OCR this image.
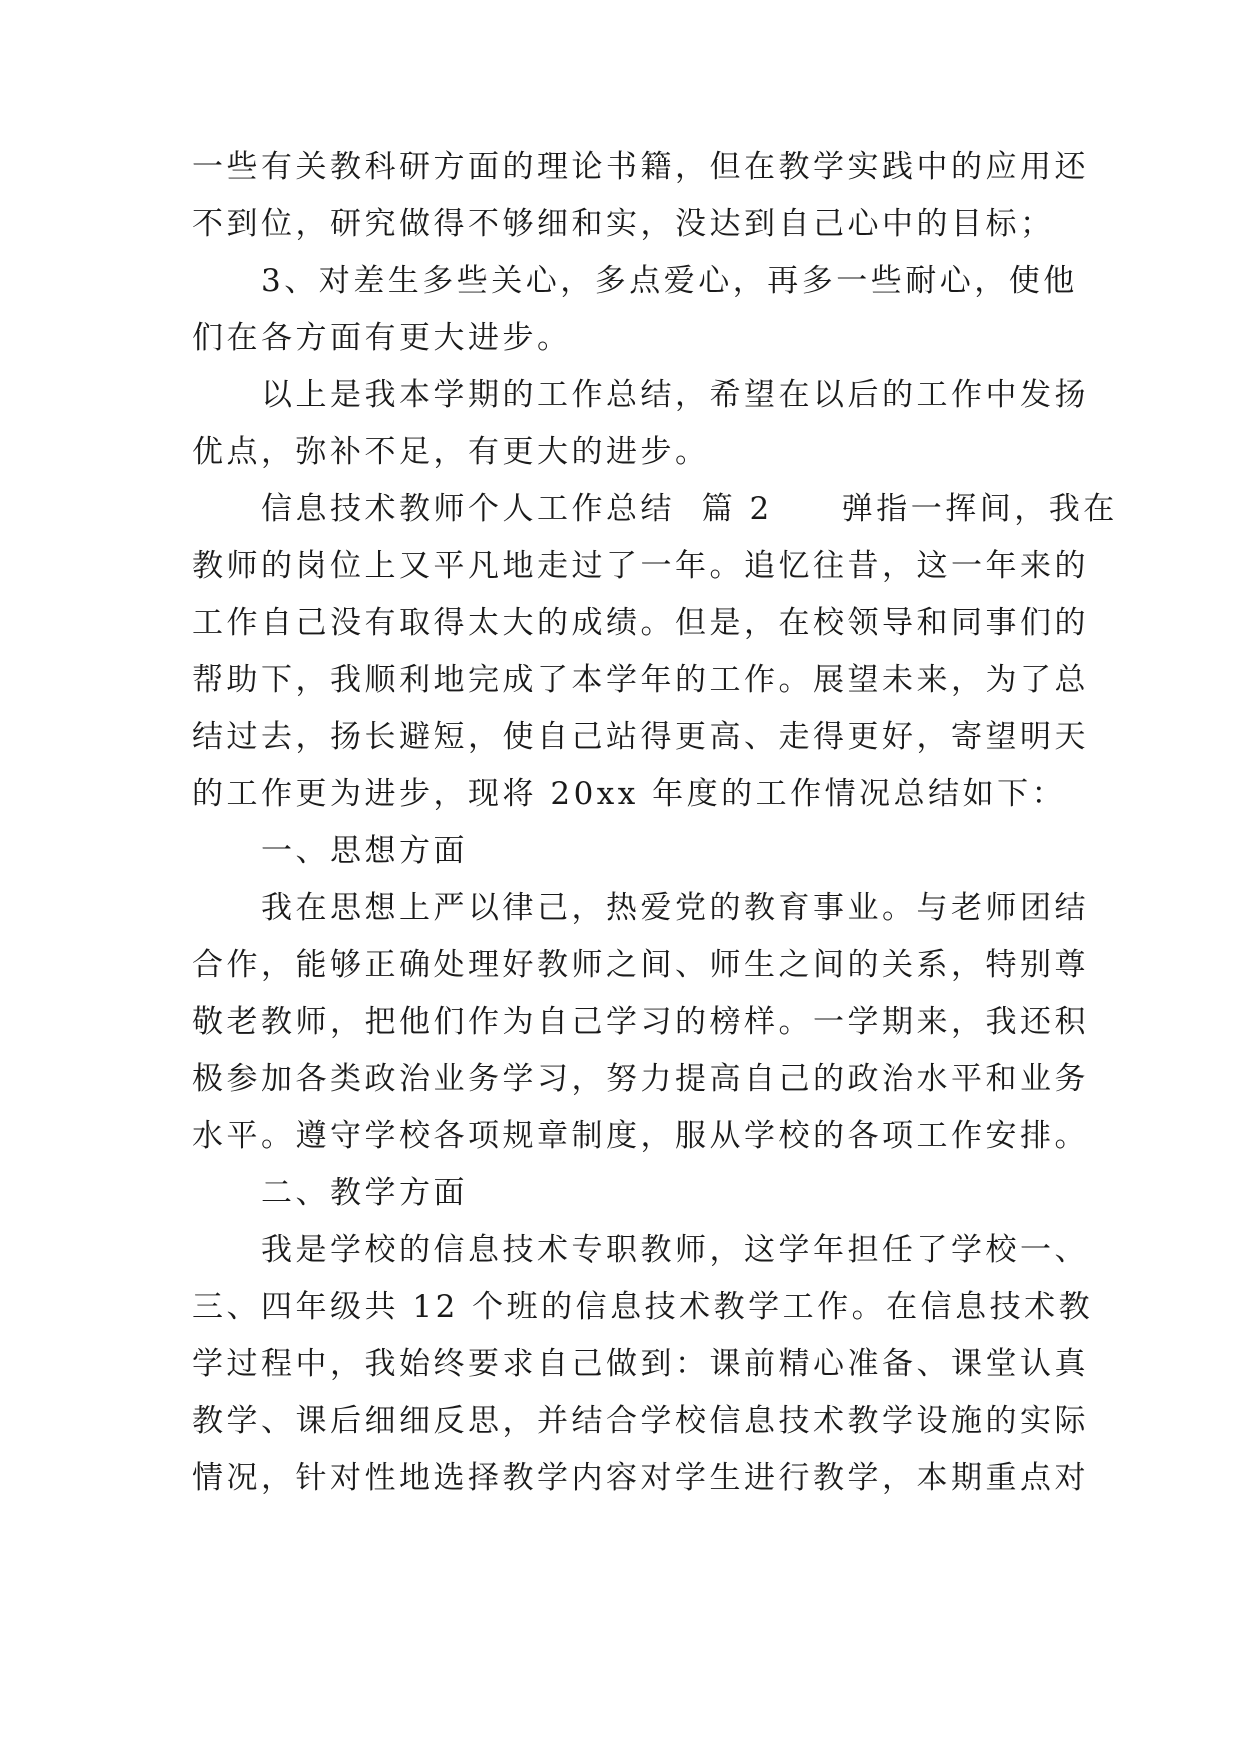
一些有关教科研方面的理论书籍，但在教学实践中的应用还
不到位，研究做得不够细和实，没达到自己心中的目标；
　　3、对差生多些关心，多点爱心，再多一些耐心，使他
们在各方面有更大进步。
　　以上是我本学期的工作总结，希望在以后的工作中发扬
优点，弥补不足，有更大的进步。
　　信息技术教师个人工作总结  篇 2　　弹指一挥间，我在
教师的岗位上又平凡地走过了一年。追忆往昔，这一年来的
工作自己没有取得太大的成绩。但是，在校领导和同事们的
帮助下，我顺利地完成了本学年的工作。展望未来，为了总
结过去，扬长避短，使自己站得更高、走得更好，寄望明天
的工作更为进步，现将 20xx 年度的工作情况总结如下：
　　一、思想方面
　　我在思想上严以律己，热爱党的教育事业。与老师团结
合作，能够正确处理好教师之间、师生之间的关系，特别尊
敬老教师，把他们作为自己学习的榜样。一学期来，我还积
极参加各类政治业务学习，努力提高自己的政治水平和业务
水平。遵守学校各项规章制度，服从学校的各项工作安排。
　　二、教学方面
　　我是学校的信息技术专职教师，这学年担任了学校一、
三、四年级共 12 个班的信息技术教学工作。在信息技术教
学过程中，我始终要求自己做到：课前精心准备、课堂认真
教学、课后细细反思，并结合学校信息技术教学设施的实际
情况，针对性地选择教学内容对学生进行教学，本期重点对
